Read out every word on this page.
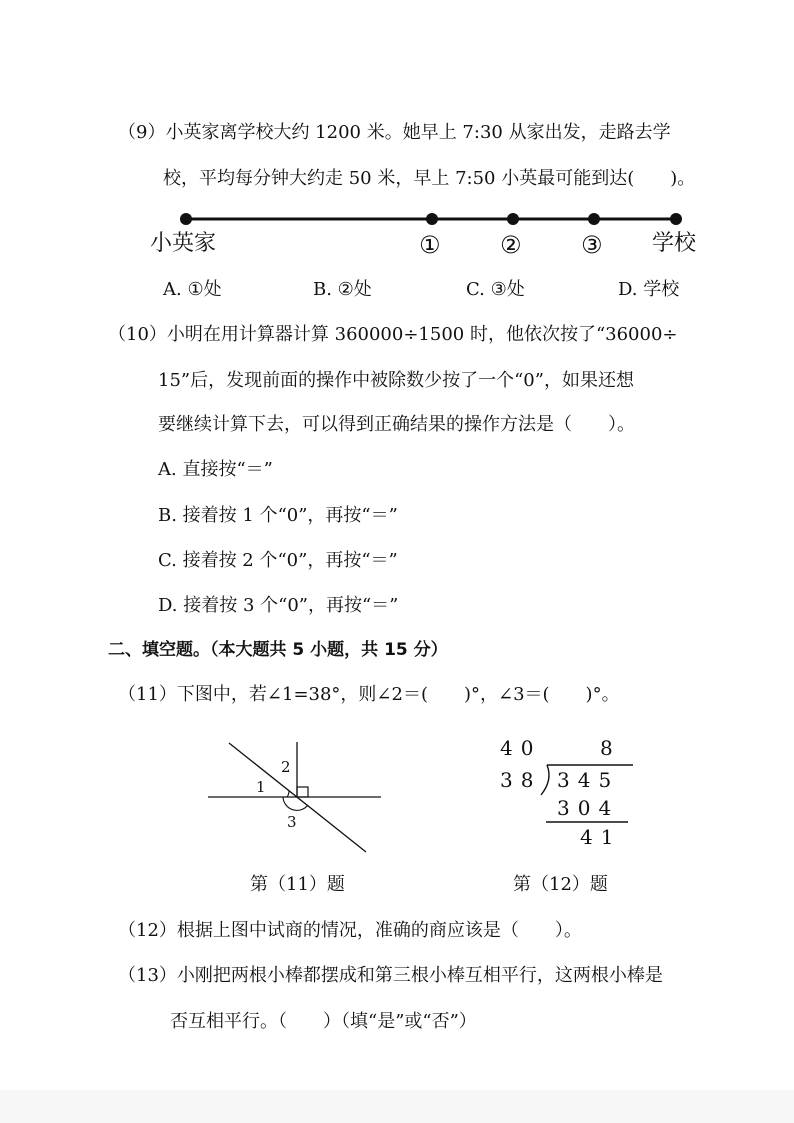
（9）小英家离学校大约 1200 米。她早上 7:30 从家出发，走路去学
校，平均每分钟大约走 50 米，早上 7:50 小英最可能到达(　　)。
小英家	① ② ③ 学校
A. ①处	B. ②处	C. ③处	D. 学校
（10）小明在用计算器计算 360000÷1500 时，他依次按了“36000÷
15”后，发现前面的操作中被除数少按了一个“0”，如果还想
要继续计算下去，可以得到正确结果的操作方法是（　　）。
A. 直接按“＝”
B. 接着按 1 个“0”，再按“＝”
C. 接着按 2 个“0”，再按“＝”
D. 接着按 3 个“0”，再按“＝”
二、填空题。（本大题共 5 小题，共 15 分）
（11）下图中，若∠1=38°，则∠2＝(　　)°，∠3＝(　　)°。
1
2
3
第（11）题
40	8
38 345
304
41
第（12）题
（12）根据上图中试商的情况，准确的商应该是（　　）。
（13）小刚把两根小棒都摆成和第三根小棒互相平行，这两根小棒是
否互相平行。（　　）（填“是”或“否”）
